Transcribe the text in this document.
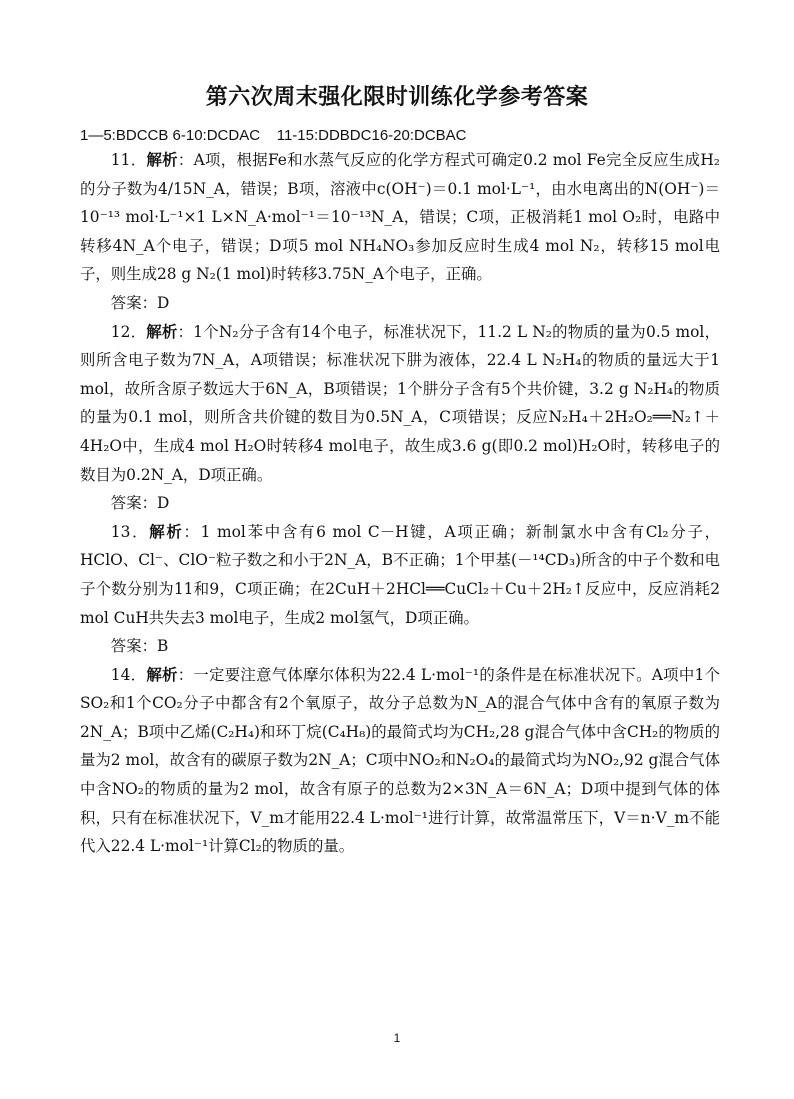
第六次周末强化限时训练化学参考答案
1—5:BDCCB 6-10:DCDAC    11-15:DDBDC16-20:DCBAC

11．解析：A项，根据Fe和水蒸气反应的化学方程式可确定0.2 mol Fe完全反应生成H₂的分子数为4/15N_A，错误；B项，溶液中c(OH⁻)＝0.1 mol·L⁻¹，由水电离出的N(OH⁻)＝10⁻¹³ mol·L⁻¹×1 L×N_A·mol⁻¹＝10⁻¹³N_A，错误；C项，正极消耗1 mol O₂时，电路中转移4N_A个电子，错误；D项5 mol NH₄NO₃参加反应时生成4 mol N₂，转移15 mol电子，则生成28 g N₂(1 mol)时转移3.75N_A个电子，正确。

答案：D

12．解析：1个N₂分子含有14个电子，标准状况下，11.2 L N₂的物质的量为0.5 mol，则所含电子数为7N_A，A项错误；标准状况下肼为液体，22.4 L N₂H₄的物质的量远大于1 mol，故所含原子数远大于6N_A，B项错误；1个肼分子含有5个共价键，3.2 g N₂H₄的物质的量为0.1 mol，则所含共价键的数目为0.5N_A，C项错误；反应N₂H₄＋2H₂O₂══N₂↑＋4H₂O中，生成4 mol H₂O时转移4 mol电子，故生成3.6 g(即0.2 mol)H₂O时，转移电子的数目为0.2N_A，D项正确。

答案：D

13．解析：1 mol苯中含有6 mol C－H键，A项正确；新制氯水中含有Cl₂分子，HClO、Cl⁻、ClO⁻粒子数之和小于2N_A，B不正确；1个甲基(－¹⁴CD₃)所含的中子个数和电子个数分别为11和9，C项正确；在2CuH＋2HCl══CuCl₂＋Cu＋2H₂↑反应中，反应消耗2 mol CuH共失去3 mol电子，生成2 mol氢气，D项正确。

答案：B

14．解析：一定要注意气体摩尔体积为22.4 L·mol⁻¹的条件是在标准状况下。A项中1个SO₂和1个CO₂分子中都含有2个氧原子，故分子总数为N_A的混合气体中含有的氧原子数为2N_A；B项中乙烯(C₂H₄)和环丁烷(C₄H₈)的最简式均为CH₂,28 g混合气体中含CH₂的物质的量为2 mol，故含有的碳原子数为2N_A；C项中NO₂和N₂O₄的最简式均为NO₂,92 g混合气体中含NO₂的物质的量为2 mol，故含有原子的总数为2×3N_A＝6N_A；D项中提到气体的体积，只有在标准状况下，V_m才能用22.4 L·mol⁻¹进行计算，故常温常压下，V＝n·V_m不能代入22.4 L·mol⁻¹计算Cl₂的物质的量。

1
